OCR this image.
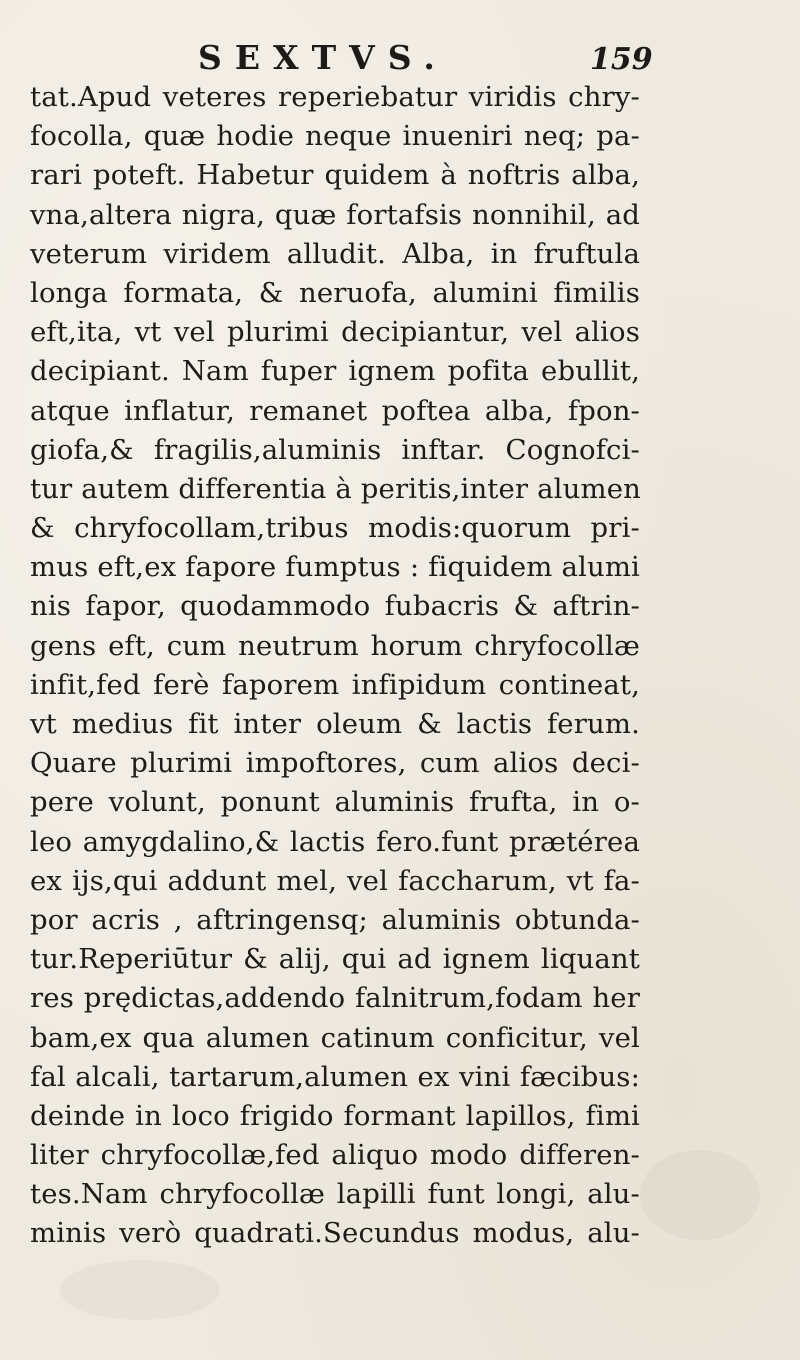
SEXTVS.	159
tat.Apud veteres reperiebatur viridis chry-
focolla, quæ hodie neque inueniri neq; pa-
rari poteft. Habetur quidem à noftris alba,
vna,altera nigra, quæ fortafsis nonnihil, ad
veterum viridem alludit. Alba, in fruftula
longa formata, & neruofa, alumini fimilis
eft,ita, vt vel plurimi decipiantur, vel alios
decipiant. Nam fuper ignem pofita ebullit,
atque inflatur, remanet poftea alba, fpon-
giofa,& fragilis,aluminis inftar. Cognofci-
tur autem differentia à peritis,inter alumen
& chryfocollam,tribus modis:quorum pri-
mus eft,ex fapore fumptus : fiquidem alumi
nis fapor, quodammodo fubacris & aftrin-
gens eft, cum neutrum horum chryfocollæ
infit,fed ferè faporem infipidum contineat,
vt medius fit inter oleum & lactis ferum.
Quare plurimi impoftores, cum alios deci-
pere volunt, ponunt aluminis frufta, in o-
leo amygdalino,& lactis fero.funt prætérea
ex ijs,qui addunt mel, vel faccharum, vt fa-
por acris , aftringensq; aluminis obtunda-
tur.Reperiūtur & alij, qui ad ignem liquant
res prędictas,addendo falnitrum,fodam her
bam,ex qua alumen catinum conficitur, vel
fal alcali, tartarum,alumen ex vini fæcibus:
deinde in loco frigido formant lapillos, fimi
liter chryfocollæ,fed aliquo modo differen-
tes.Nam chryfocollæ lapilli funt longi, alu-
minis verò quadrati.Secundus modus, alu-
